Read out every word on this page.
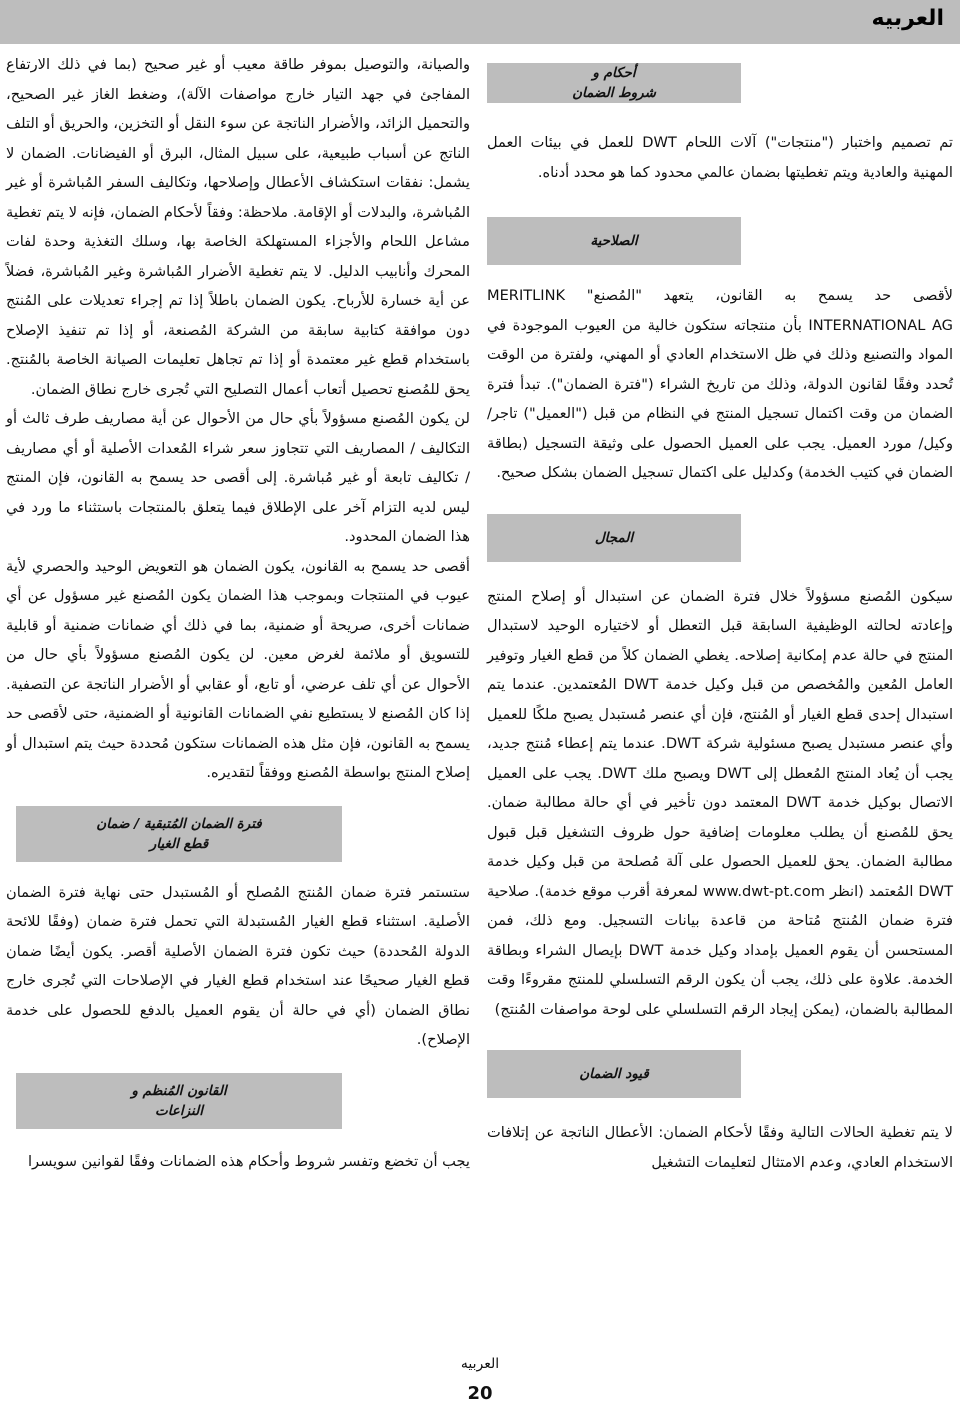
العربيه
أحكام و
شروط الضمان

تم تصميم واختبار ("منتجات") آلات اللحام DWT للعمل في بيئات العمل المهنية والعادية ويتم تغطيتها بضمان عالمي محدود كما هو محدد أدناه.

الصلاحية

لأقصى حد يسمح به القانون، يتعهد "المُصنع" MERITLINK INTERNATIONAL AG بأن منتجاته ستكون خالية من العيوب الموجودة في المواد والتصنيع وذلك في ظل الاستخدام العادي أو المهني، ولفترة من الوقت تُحدد وفقًا لقانون الدولة، وذلك من تاريخ الشراء ("فترة الضمان"). تبدأ فترة الضمان من وقت اكتمال تسجيل المنتج في النظام من قبل ("العميل") تاجر/ وكيل/ مورد العميل. يجب على العميل الحصول على وثيقة التسجيل (بطاقة الضمان في كتيب الخدمة) وكدليل على اكتمال تسجيل الضمان بشكل صحيح.

المجال

سيكون المُصنع مسؤولاً خلال فترة الضمان عن استبدال أو إصلاح المنتج وإعادته لحالته الوظيفية السابقة قبل التعطل أو لاختياره الوحيد لاستبدال المنتج في حالة عدم إمكانية إصلاحه. يغطي الضمان كلاً من قطع الغيار وتوفير العامل المُعين والمُخصص من قبل وكيل خدمة DWT المُعتمدين. عندما يتم استبدال إحدى قطع الغيار أو المُنتج، فإن أي عنصر مُستبدل يصبح ملكًا للعميل وأي عنصر مستبدل يصبح مسئولية شركة DWT. عندما يتم إعطاء مُنتج جديد، يجب أن يُعاد المنتج المُعطل إلى DWT ويصبح ملك DWT. يجب على العميل الاتصال بوكيل خدمة DWT المعتمد دون تأخير في أي حالة مطالبة ضمان. يحق للمُصنع أن يطلب معلومات إضافية حول ظروف التشغيل قبل قبول مطالبة الضمان. يحق للعميل الحصول على آلة مُصلحة من قبل وكيل خدمة DWT المُعتمد (انظر www.dwt-pt.com لمعرفة أقرب موقع خدمة). صلاحية فترة ضمان المُنتج مُتاحة من قاعدة بيانات التسجيل. ومع ذلك، فمن المستحسن أن يقوم العميل بإمداد وكيل خدمة DWT بإيصال الشراء وبطاقة الخدمة. علاوة على ذلك، يجب أن يكون الرقم التسلسلي للمنتج مقروءًا وقت المطالبة بالضمان، (يمكن إيجاد الرقم التسلسلي على لوحة مواصفات المُنتج)

قيود الضمان

لا يتم تغطية الحالات التالية وفقًا لأحكام الضمان: الأعطال الناتجة عن إتلافات الاستخدام العادي، وعدم الامتثال لتعليمات التشغيل

والصيانة، والتوصيل بموفر طاقة معيب أو غير صحيح (بما في ذلك الارتفاع المفاجئ في جهد التيار خارج مواصفات الآلة)، وضغط الغاز غير الصحيح، والتحميل الزائد، والأضرار الناتجة عن سوء النقل أو التخزين، والحريق أو التلف الناتج عن أسباب طبيعية، على سبيل المثال، البرق أو الفيضانات. الضمان لا يشمل: نفقات استكشاف الأعطال وإصلاحها، وتكاليف السفر المُباشرة أو غير المُباشرة، والبدلات أو الإقامة. ملاحظة: وفقاً لأحكام الضمان، فإنه لا يتم تغطية مشاعل اللحام والأجزاء المستهلكة الخاصة بها، وسلك التغذية وحدة لفات المحرك وأنابيب الدليل. لا يتم تغطية الأضرار المُباشرة وغير المُباشرة، فضلاً عن أية خسارة للأرباح. يكون الضمان باطلاً إذا تم إجراء تعديلات على المُنتج دون موافقة كتابية سابقة من الشركة المُصنعة، أو إذا تم تنفيذ الإصلاح باستخدام قطع غير معتمدة أو إذا تم تجاهل تعليمات الصيانة الخاصة بالمُنتج. يحق للمُصنع تحصيل أتعاب أعمال التصليح التي تُجرى خارج نطاق الضمان.

لن يكون المُصنع مسؤولاً بأي حال من الأحوال عن أية مصاريف طرف ثالث أو التكاليف / المصاريف التي تتجاوز سعر شراء المُعدات الأصلية أو أي مصاريف / تكاليف تابعة أو غير مُباشرة. إلى أقصى حد يسمح به القانون، فإن المنتج ليس لديه التزام آخر على الإطلاق فيما يتعلق بالمنتجات باستثناء ما ورد في هذا الضمان المحدود.

أقصى حد يسمح به القانون، يكون الضمان هو التعويض الوحيد والحصري لأية عيوب في المنتجات وبموجب هذا الضمان يكون المُصنع غير مسؤول عن أي ضمانات أخرى، صريحة أو ضمنية، بما في ذلك أي ضمانات ضمنية أو قابلية للتسويق أو ملائمة لغرض معين. لن يكون المُصنع مسؤولاً بأي حال من الأحوال عن أي تلف عرضي، أو تابع، أو عقابي أو الأضرار الناتجة عن التصفية. إذا كان المُصنع لا يستطيع نفي الضمانات القانونية أو الضمنية، حتى لأقصى حد يسمح به القانون، فإن مثل هذه الضمانات ستكون مُحددة حيث يتم استبدال أو إصلاح المنتج بواسطة المُصنع ووفقاً لتقديره.

فترة الضمان المُتبقية / ضمان
قطع الغيار

ستستمر فترة ضمان المُنتج المُصلح أو المُستبدل حتى نهاية فترة الضمان الأصلية. استثناء قطع الغيار المُستبدلة التي تحمل فترة ضمان (وفقًا للائحة الدولة المُحددة) حيث تكون فترة الضمان الأصلية أقصر. يكون أيضًا ضمان قطع الغيار صحيحًا عند استخدام قطع الغيار في الإصلاحات التي تُجرى خارج نطاق الضمان (أي في حالة أن يقوم العميل بالدفع للحصول على خدمة الإصلاح).

القانون المُنظم و
النزاعات

يجب أن تخضع وتفسر شروط وأحكام هذه الضمانات وفقًا لقوانين سويسرا

العربيه
20
